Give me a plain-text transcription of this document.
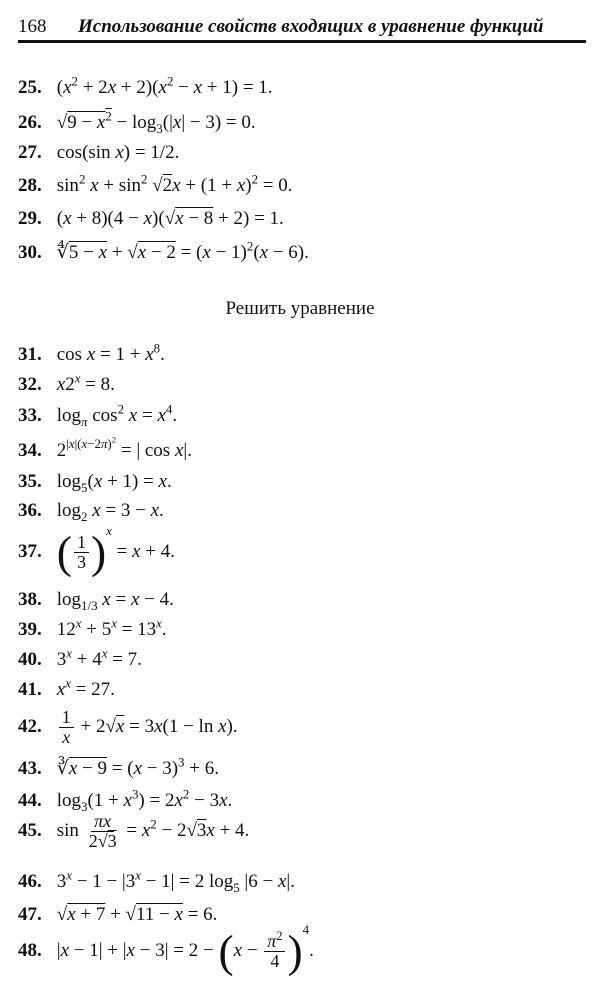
168 Использование свойств входящих в уравнение функций
25. $(x^2 + 2x + 2)(x^2 - x + 1) = 1$.
26. $√9 - x^2 - \log_3(|x| - 3) = 0$.
27. cos(sin x) = 1/2.
28. $\sin^2 x + \sin^2 √2x + (1 + x)^2 = 0$.
29. (x + 8)(4 − x)(√x − 8 + 2) = 1.
30. ∜5 − $x + √x - 2 = (x - 1)^2(x - 6)$.
Решить уравнение
31. $\cos x = 1 + x^8$.
32. $x2^x = 8$.
33. $\log_\pi \cos^2 x = x^4$.
34. $2^{|x|(x-2\pi)^2}$ = | cos x|.
35. $\log_5(x + 1) = x$.
36. $\log_2 x = 3 - x$.
37. ( $\frac{1}{3} )^x = x + 4$.
38. $\log_{1/3} x = x - 4$.
39. $12^x + 5^x = 13^x$.
40. $3^x + 4^x = 7$.
41. $x^x = 27$.
42. $\frac{1}{x} + 2√x = 3x(1 - \ln x)$.
43. ∛x − $9 = (x - 3)^3 + 6$.
44. $\log_3(1 + x^3) = 2x^2 - 3x$.
45. $\sin \frac{\pi x}{2√3} = x^2 - 2√3x + 4$.
46. $3^x - 1 - |3^x - 1| = 2$ $\log_5 |6 - x|$.
47. √x + 7 + √11 − x = 6.
48. $|x - 1| + |x - 3| = 2 - (x - \frac{\pi^2}{4} )^4$.
